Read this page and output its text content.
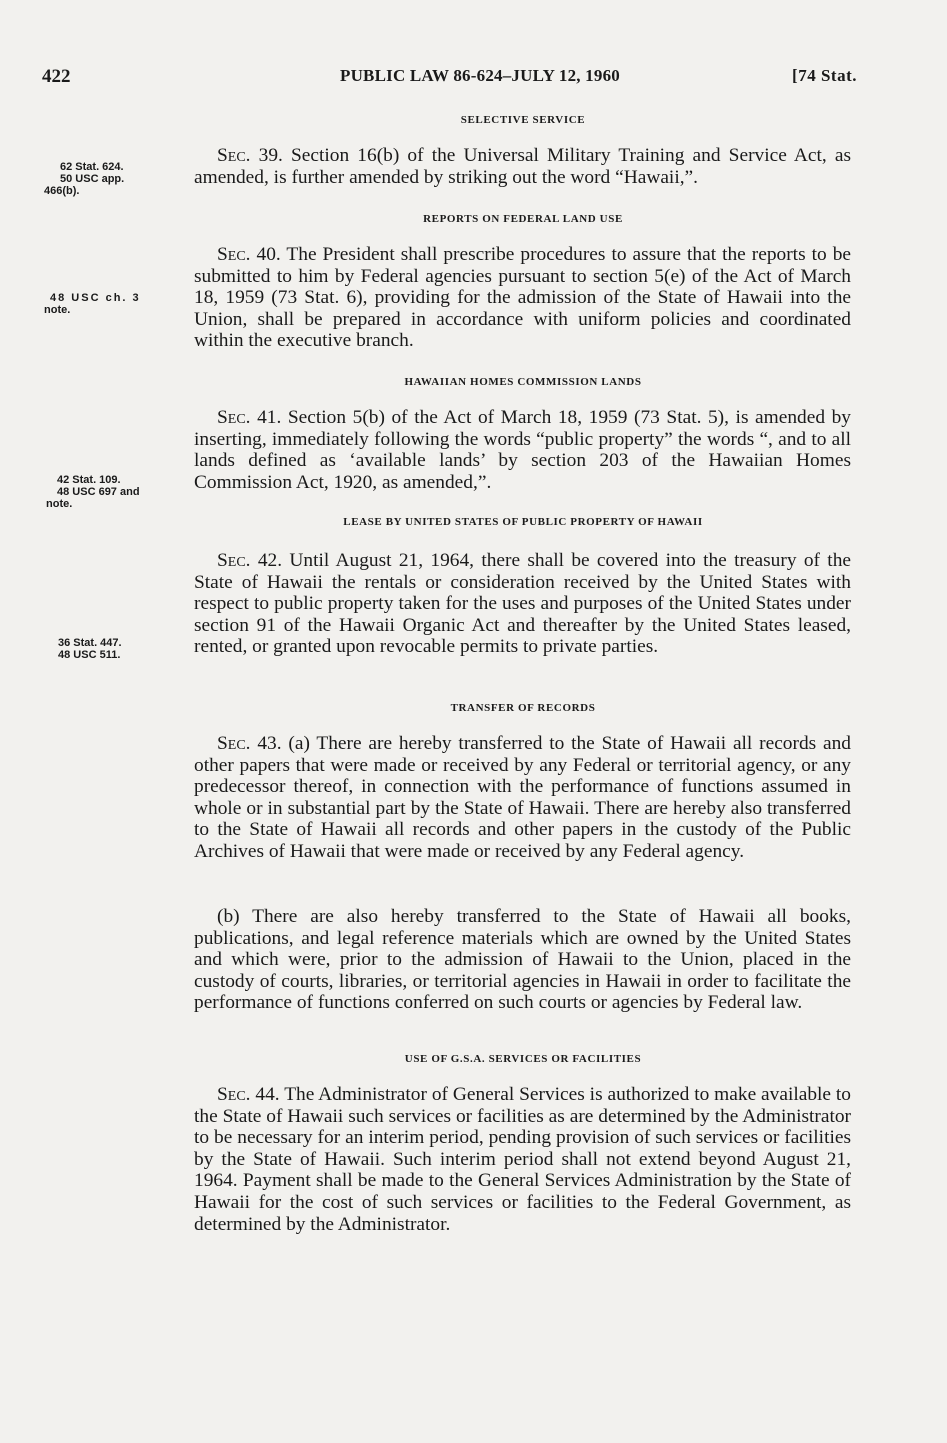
422	PUBLIC LAW 86-624–JULY 12, 1960	[74 Stat.
SELECTIVE SERVICE

Sec. 39. Section 16(b) of the Universal Military Training and Service Act, as amended, is further amended by striking out the word “Hawaii,”.

62 Stat. 624.
50 USC app.
466(b).
REPORTS ON FEDERAL LAND USE

Sec. 40. The President shall prescribe procedures to assure that the reports to be submitted to him by Federal agencies pursuant to section 5(e) of the Act of March 18, 1959 (73 Stat. 6), providing for the admission of the State of Hawaii into the Union, shall be prepared in accordance with uniform policies and coordinated within the executive branch.

48 USC ch. 3
note.
HAWAIIAN HOMES COMMISSION LANDS

Sec. 41. Section 5(b) of the Act of March 18, 1959 (73 Stat. 5), is amended by inserting, immediately following the words “public property” the words “, and to all lands defined as ‘available lands’ by section 203 of the Hawaiian Homes Commission Act, 1920, as amended,”.

42 Stat. 109.
48 USC 697 and
note.
LEASE BY UNITED STATES OF PUBLIC PROPERTY OF HAWAII

Sec. 42. Until August 21, 1964, there shall be covered into the treasury of the State of Hawaii the rentals or consideration received by the United States with respect to public property taken for the uses and purposes of the United States under section 91 of the Hawaii Organic Act and thereafter by the United States leased, rented, or granted upon revocable permits to private parties.

36 Stat. 447.
48 USC 511.
TRANSFER OF RECORDS

Sec. 43. (a) There are hereby transferred to the State of Hawaii all records and other papers that were made or received by any Federal or territorial agency, or any predecessor thereof, in connection with the performance of functions assumed in whole or in substantial part by the State of Hawaii. There are hereby also transferred to the State of Hawaii all records and other papers in the custody of the Public Archives of Hawaii that were made or received by any Federal agency.

(b) There are also hereby transferred to the State of Hawaii all books, publications, and legal reference materials which are owned by the United States and which were, prior to the admission of Hawaii to the Union, placed in the custody of courts, libraries, or territorial agencies in Hawaii in order to facilitate the performance of functions conferred on such courts or agencies by Federal law.

USE OF G.S.A. SERVICES OR FACILITIES

Sec. 44. The Administrator of General Services is authorized to make available to the State of Hawaii such services or facilities as are determined by the Administrator to be necessary for an interim period, pending provision of such services or facilities by the State of Hawaii. Such interim period shall not extend beyond August 21, 1964. Payment shall be made to the General Services Administration by the State of Hawaii for the cost of such services or facilities to the Federal Government, as determined by the Administrator.
